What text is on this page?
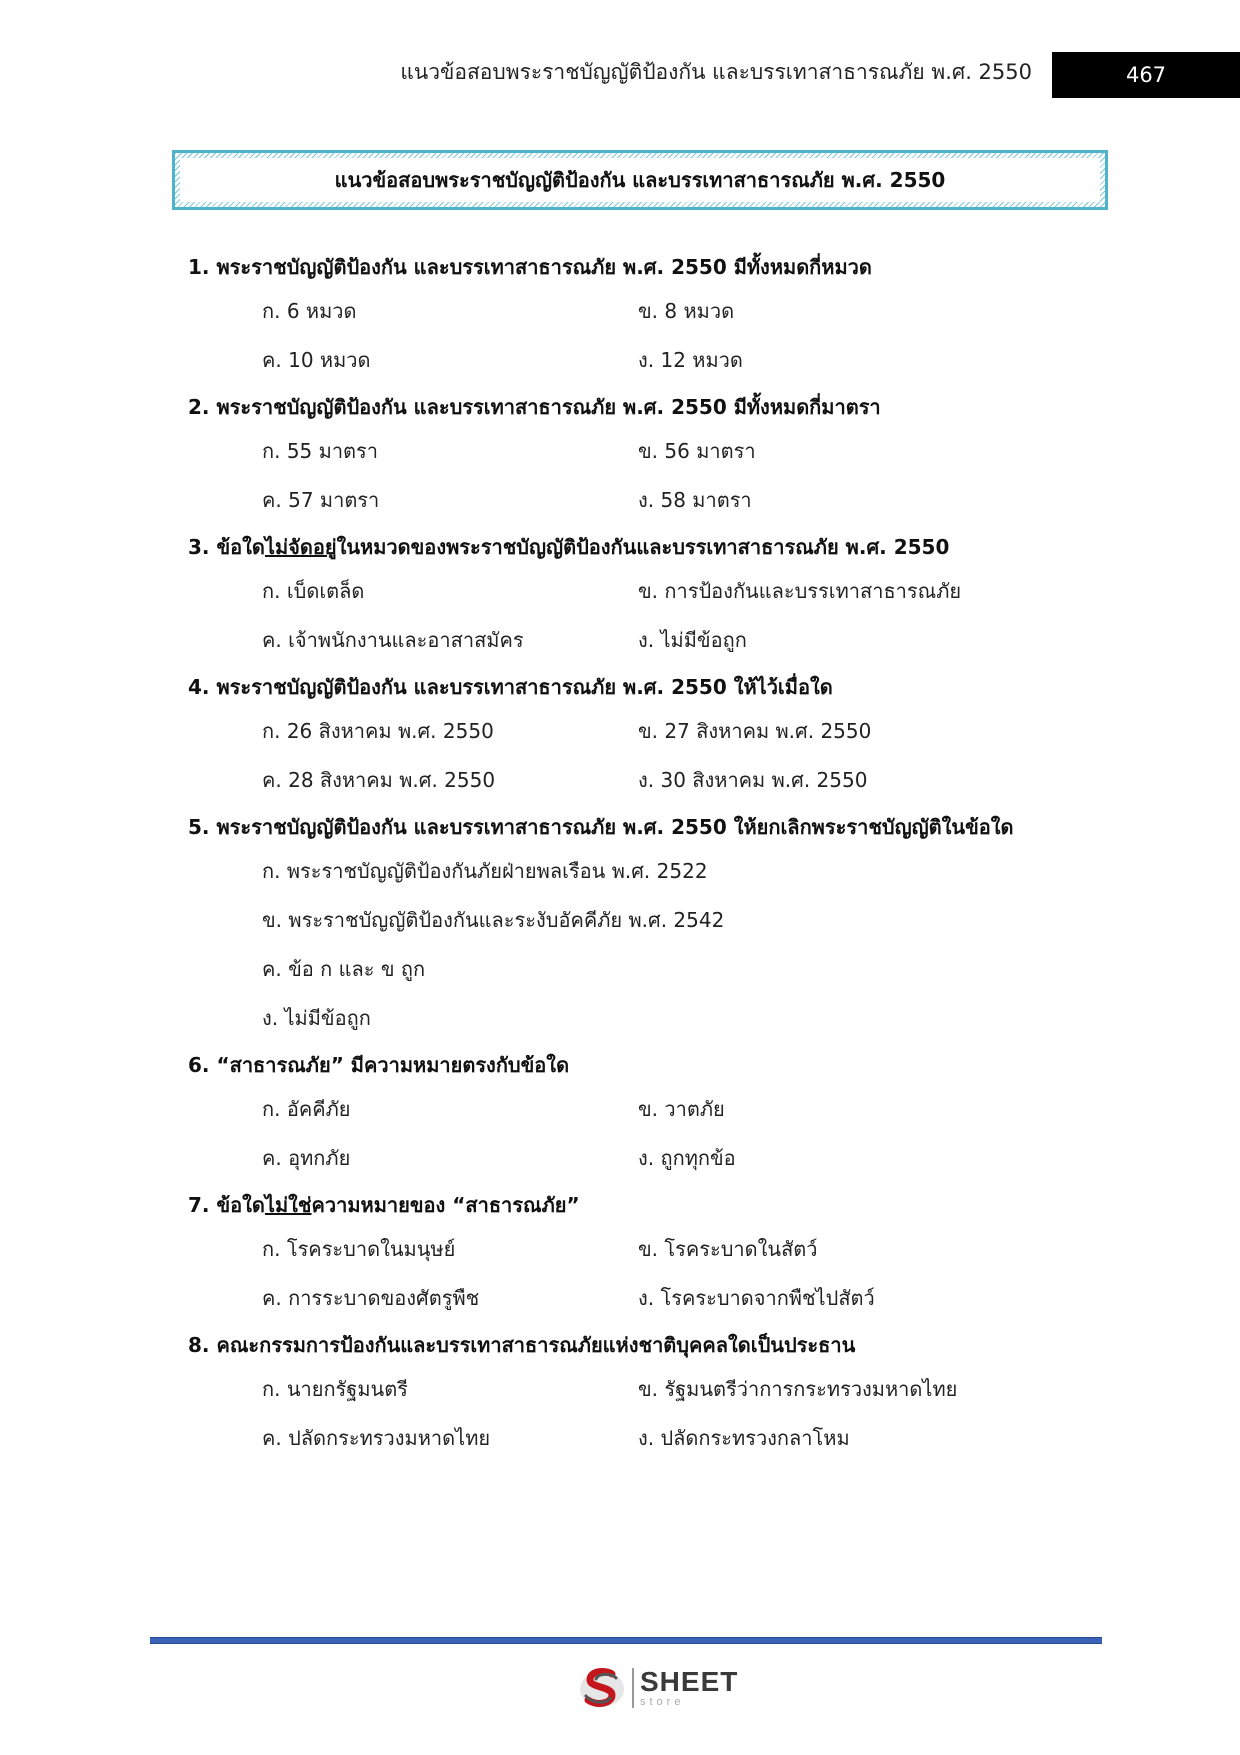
แนวข้อสอบพระราชบัญญัติป้องกัน และบรรเทาสาธารณภัย พ.ศ. 2550	467
แนวข้อสอบพระราชบัญญัติป้องกัน และบรรเทาสาธารณภัย พ.ศ. 2550
1. พระราชบัญญัติป้องกัน และบรรเทาสาธารณภัย พ.ศ. 2550 มีทั้งหมดกี่หมวด
ก. 6 หมวด	ข. 8 หมวด
ค. 10 หมวด	ง. 12 หมวด
2. พระราชบัญญัติป้องกัน และบรรเทาสาธารณภัย พ.ศ. 2550 มีทั้งหมดกี่มาตรา
ก. 55 มาตรา	ข. 56 มาตรา
ค. 57 มาตรา	ง. 58 มาตรา
3. ข้อใดไม่จัดอยู่ในหมวดของพระราชบัญญัติป้องกันและบรรเทาสาธารณภัย พ.ศ. 2550
ก. เบ็ดเตล็ด	ข. การป้องกันและบรรเทาสาธารณภัย
ค. เจ้าพนักงานและอาสาสมัคร	ง. ไม่มีข้อถูก
4. พระราชบัญญัติป้องกัน และบรรเทาสาธารณภัย พ.ศ. 2550 ให้ไว้เมื่อใด
ก. 26 สิงหาคม พ.ศ. 2550	ข. 27 สิงหาคม พ.ศ. 2550
ค. 28 สิงหาคม พ.ศ. 2550	ง. 30 สิงหาคม พ.ศ. 2550
5. พระราชบัญญัติป้องกัน และบรรเทาสาธารณภัย พ.ศ. 2550 ให้ยกเลิกพระราชบัญญัติในข้อใด
ก. พระราชบัญญัติป้องกันภัยฝ่ายพลเรือน พ.ศ. 2522
ข. พระราชบัญญัติป้องกันและระงับอัคคีภัย พ.ศ. 2542
ค. ข้อ ก และ ข ถูก
ง. ไม่มีข้อถูก
6. “สาธารณภัย” มีความหมายตรงกับข้อใด
ก. อัคคีภัย	ข. วาตภัย
ค. อุทกภัย	ง. ถูกทุกข้อ
7. ข้อใดไม่ใช่ความหมายของ “สาธารณภัย”
ก. โรคระบาดในมนุษย์	ข. โรคระบาดในสัตว์
ค. การระบาดของศัตรูพืช	ง. โรคระบาดจากพืชไปสัตว์
8. คณะกรรมการป้องกันและบรรเทาสาธารณภัยแห่งชาติบุคคลใดเป็นประธาน
ก. นายกรัฐมนตรี	ข. รัฐมนตรีว่าการกระทรวงมหาดไทย
ค. ปลัดกระทรวงมหาดไทย	ง. ปลัดกระทรวงกลาโหม
SHEET
store
